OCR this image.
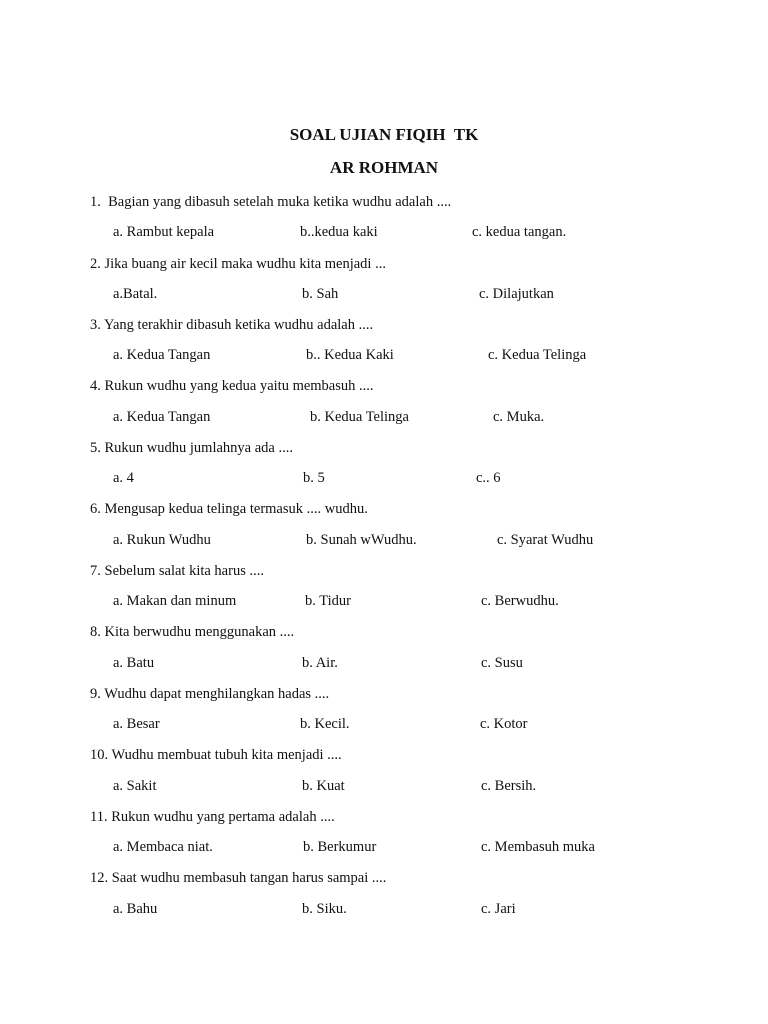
SOAL UJIAN FIQIH  TK
AR ROHMAN
1.  Bagian yang dibasuh setelah muka ketika wudhu adalah ....
a. Rambut kepala	b..kedua kaki	c. kedua tangan.
2. Jika buang air kecil maka wudhu kita menjadi ...
a.Batal.	b. Sah	c. Dilajutkan
3. Yang terakhir dibasuh ketika wudhu adalah ....
a. Kedua Tangan	b.. Kedua Kaki	c. Kedua Telinga
4. Rukun wudhu yang kedua yaitu membasuh ....
a. Kedua Tangan	b. Kedua Telinga	c. Muka.
5. Rukun wudhu jumlahnya ada ....
a. 4	b. 5	c.. 6
6. Mengusap kedua telinga termasuk .... wudhu.
a. Rukun Wudhu	b. Sunah wWudhu.	c. Syarat Wudhu
7. Sebelum salat kita harus ....
a. Makan dan minum	b. Tidur	c. Berwudhu.
8. Kita berwudhu menggunakan ....
a. Batu	b. Air.	c. Susu
9. Wudhu dapat menghilangkan hadas ....
a. Besar	b. Kecil.	c. Kotor
10. Wudhu membuat tubuh kita menjadi ....
a. Sakit	b. Kuat	c. Bersih.
11. Rukun wudhu yang pertama adalah ....
a. Membaca niat.	b. Berkumur	c. Membasuh muka
12. Saat wudhu membasuh tangan harus sampai ....
a. Bahu	b. Siku.	c. Jari
